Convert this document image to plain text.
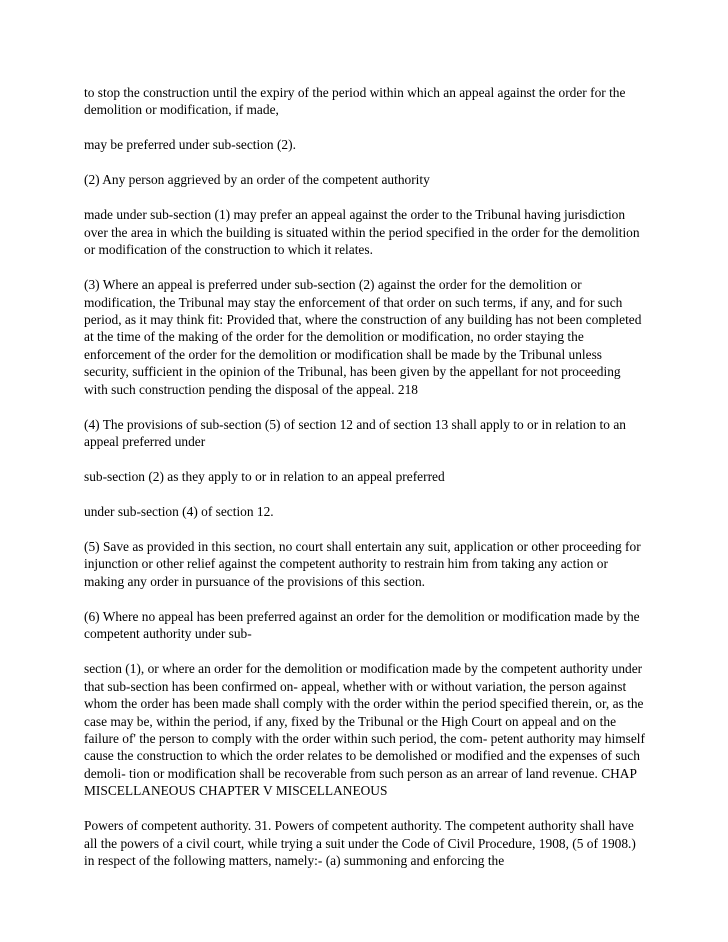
to stop the construction until the expiry of the period within which an appeal against the order for the demolition or modification, if made,

may be preferred under sub-section (2).

(2) Any person aggrieved by an order of the competent authority

made under sub-section (1) may prefer an appeal against the order to the Tribunal having jurisdiction over the area in which the building is situated within the period specified in the order for the demolition or modification of the construction to which it relates.

(3) Where an appeal is preferred under sub-section (2) against the order for the demolition or modification, the Tribunal may stay the enforcement of that order on such terms, if any, and for such period, as it may think fit: Provided that, where the construction of any building has not been completed at the time of the making of the order for the demolition or modification, no order staying the enforcement of the order for the demolition or modification shall be made by the Tribunal unless security, sufficient in the opinion of the Tribunal, has been given by the appellant for not proceeding with such construction pending the disposal of the appeal. 218

(4) The provisions of sub-section (5) of section 12 and of section 13 shall apply to or in relation to an appeal preferred under

sub-section (2) as they apply to or in relation to an appeal preferred

under sub-section (4) of section 12.

(5) Save as provided in this section, no court shall entertain any suit, application or other proceeding for injunction or other relief against the competent authority to restrain him from taking any action or making any order in pursuance of the provisions of this section.

(6) Where no appeal has been preferred against an order for the demolition or modification made by the competent authority under sub-

section (1), or where an order for the demolition or modification made by the competent authority under that sub-section has been confirmed on- appeal, whether with or without variation, the person against whom the order has been made shall comply with the order within the period specified therein, or, as the case may be, within the period, if any, fixed by the Tribunal or the High Court on appeal and on the failure of' the person to comply with the order within such period, the com- petent authority may himself cause the construction to which the order relates to be demolished or modified and the expenses of such demoli- tion or modification shall be recoverable from such person as an arrear of land revenue. CHAP MISCELLANEOUS CHAPTER V MISCELLANEOUS

Powers of competent authority. 31. Powers of competent authority. The competent authority shall have all the powers of a civil court, while trying a suit under the Code of Civil Procedure, 1908, (5 of 1908.) in respect of the following matters, namely:- (a) summoning and enforcing the
